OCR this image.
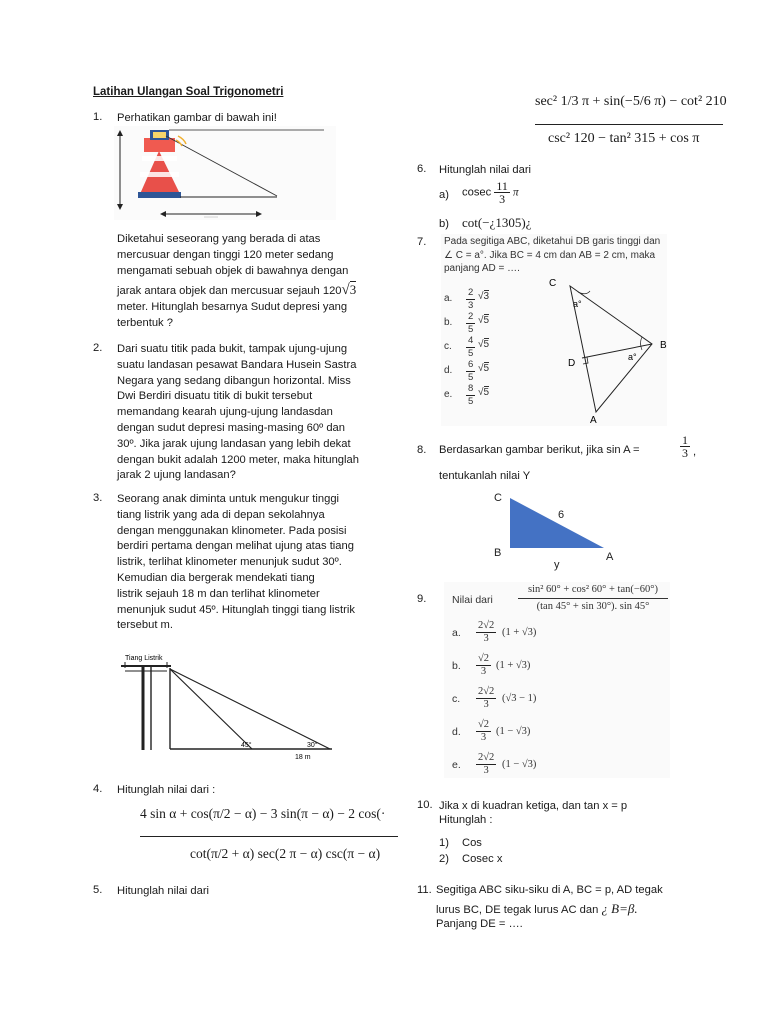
Latihan Ulangan Soal Trigonometri
1. Perhatikan gambar di bawah ini!
Diketahui seseorang yang berada di atas
mercusuar dengan tinggi 120 meter sedang
mengamati sebuah objek di bawahnya dengan
jarak antara objek dan mercusuar sejauh 120√3
meter. Hitunglah besarnya Sudut depresi yang
terbentuk ?
2. Dari suatu titik pada bukit, tampak ujung-ujung
suatu landasan pesawat Bandara Husein Sastra
Negara yang sedang dibangun horizontal. Miss
Dwi Berdiri disuatu titik di bukit tersebut
memandang kearah ujung-ujung landasdan
dengan sudut depresi masing-masing 60º dan
30º. Jika jarak ujung landasan yang lebih dekat
dengan bukit adalah 1200 meter, maka hitunglah
jarak 2 ujung landasan?
3. Seorang anak diminta untuk mengukur tinggi
tiang listrik yang ada di depan sekolahnya
dengan menggunakan klinometer. Pada posisi
berdiri pertama dengan melihat ujung atas tiang
listrik, terlihat klinometer menunjuk sudut 30º.
Kemudian dia bergerak mendekati tiang
listrik sejauh 18 m dan terlihat klinometer
menunjuk sudut 45º. Hitunglah tinggi tiang listrik
tersebut m.
Tiang Listrik
45°	30°
18 m
4. Hitunglah nilai dari :
4 sin α + cos(π/2 − α) − 3 sin(π − α) − 2 cos(·
cot(π/2 + α) sec(2 π − α) csc(π − α)
5. Hitunglah nilai dari
sec² 1/3 π + sin(−5/6 π) − cot² 210
csc² 120 − tan² 315 + cos π
6. Hitunglah nilai dari
a) cosec $\frac{11}{3}$ π
b) cot(−¿1305)¿
7. Pada segitiga ABC, diketahui DB garis tinggi dan
∠ C = a°. Jika BC = 4 cm dan AB = 2 cm, maka
panjang AD = ….
a. $\frac{2}{3} √3$
b. $\frac{2}{5} √5$
c. $\frac{4}{5} √5$
d. $\frac{6}{5} √5$
e. $\frac{8}{5} √5$
C
B
D
A
a°
a°
8. Berdasarkan gambar berikut, jika sin A =	$\frac{1}{3}$ ,
tentukanlah nilai Y
C
B	A
6
y
9. Nilai dari
sin² 60° + cos² 60° + tan(−60°)
(tan 45° + sin 30°). sin 45°
a. $\frac{2√2}{3} (1 + √3)$
b. $\frac{√2}{3} (1 + √3)$
c. $\frac{2√2}{3} (√3 - 1)$
d. $\frac{√2}{3} (1 - √3)$
e. $\frac{2√2}{3} (1 - √3)$
10. Jika x di kuadran ketiga, dan tan x = p
Hitunglah :
1) Cos
2) Cosec x
11. Segitiga ABC siku-siku di A, BC = p, AD tegak
lurus BC, DE tegak lurus AC dan ¿ B=β.
Panjang DE = ….
